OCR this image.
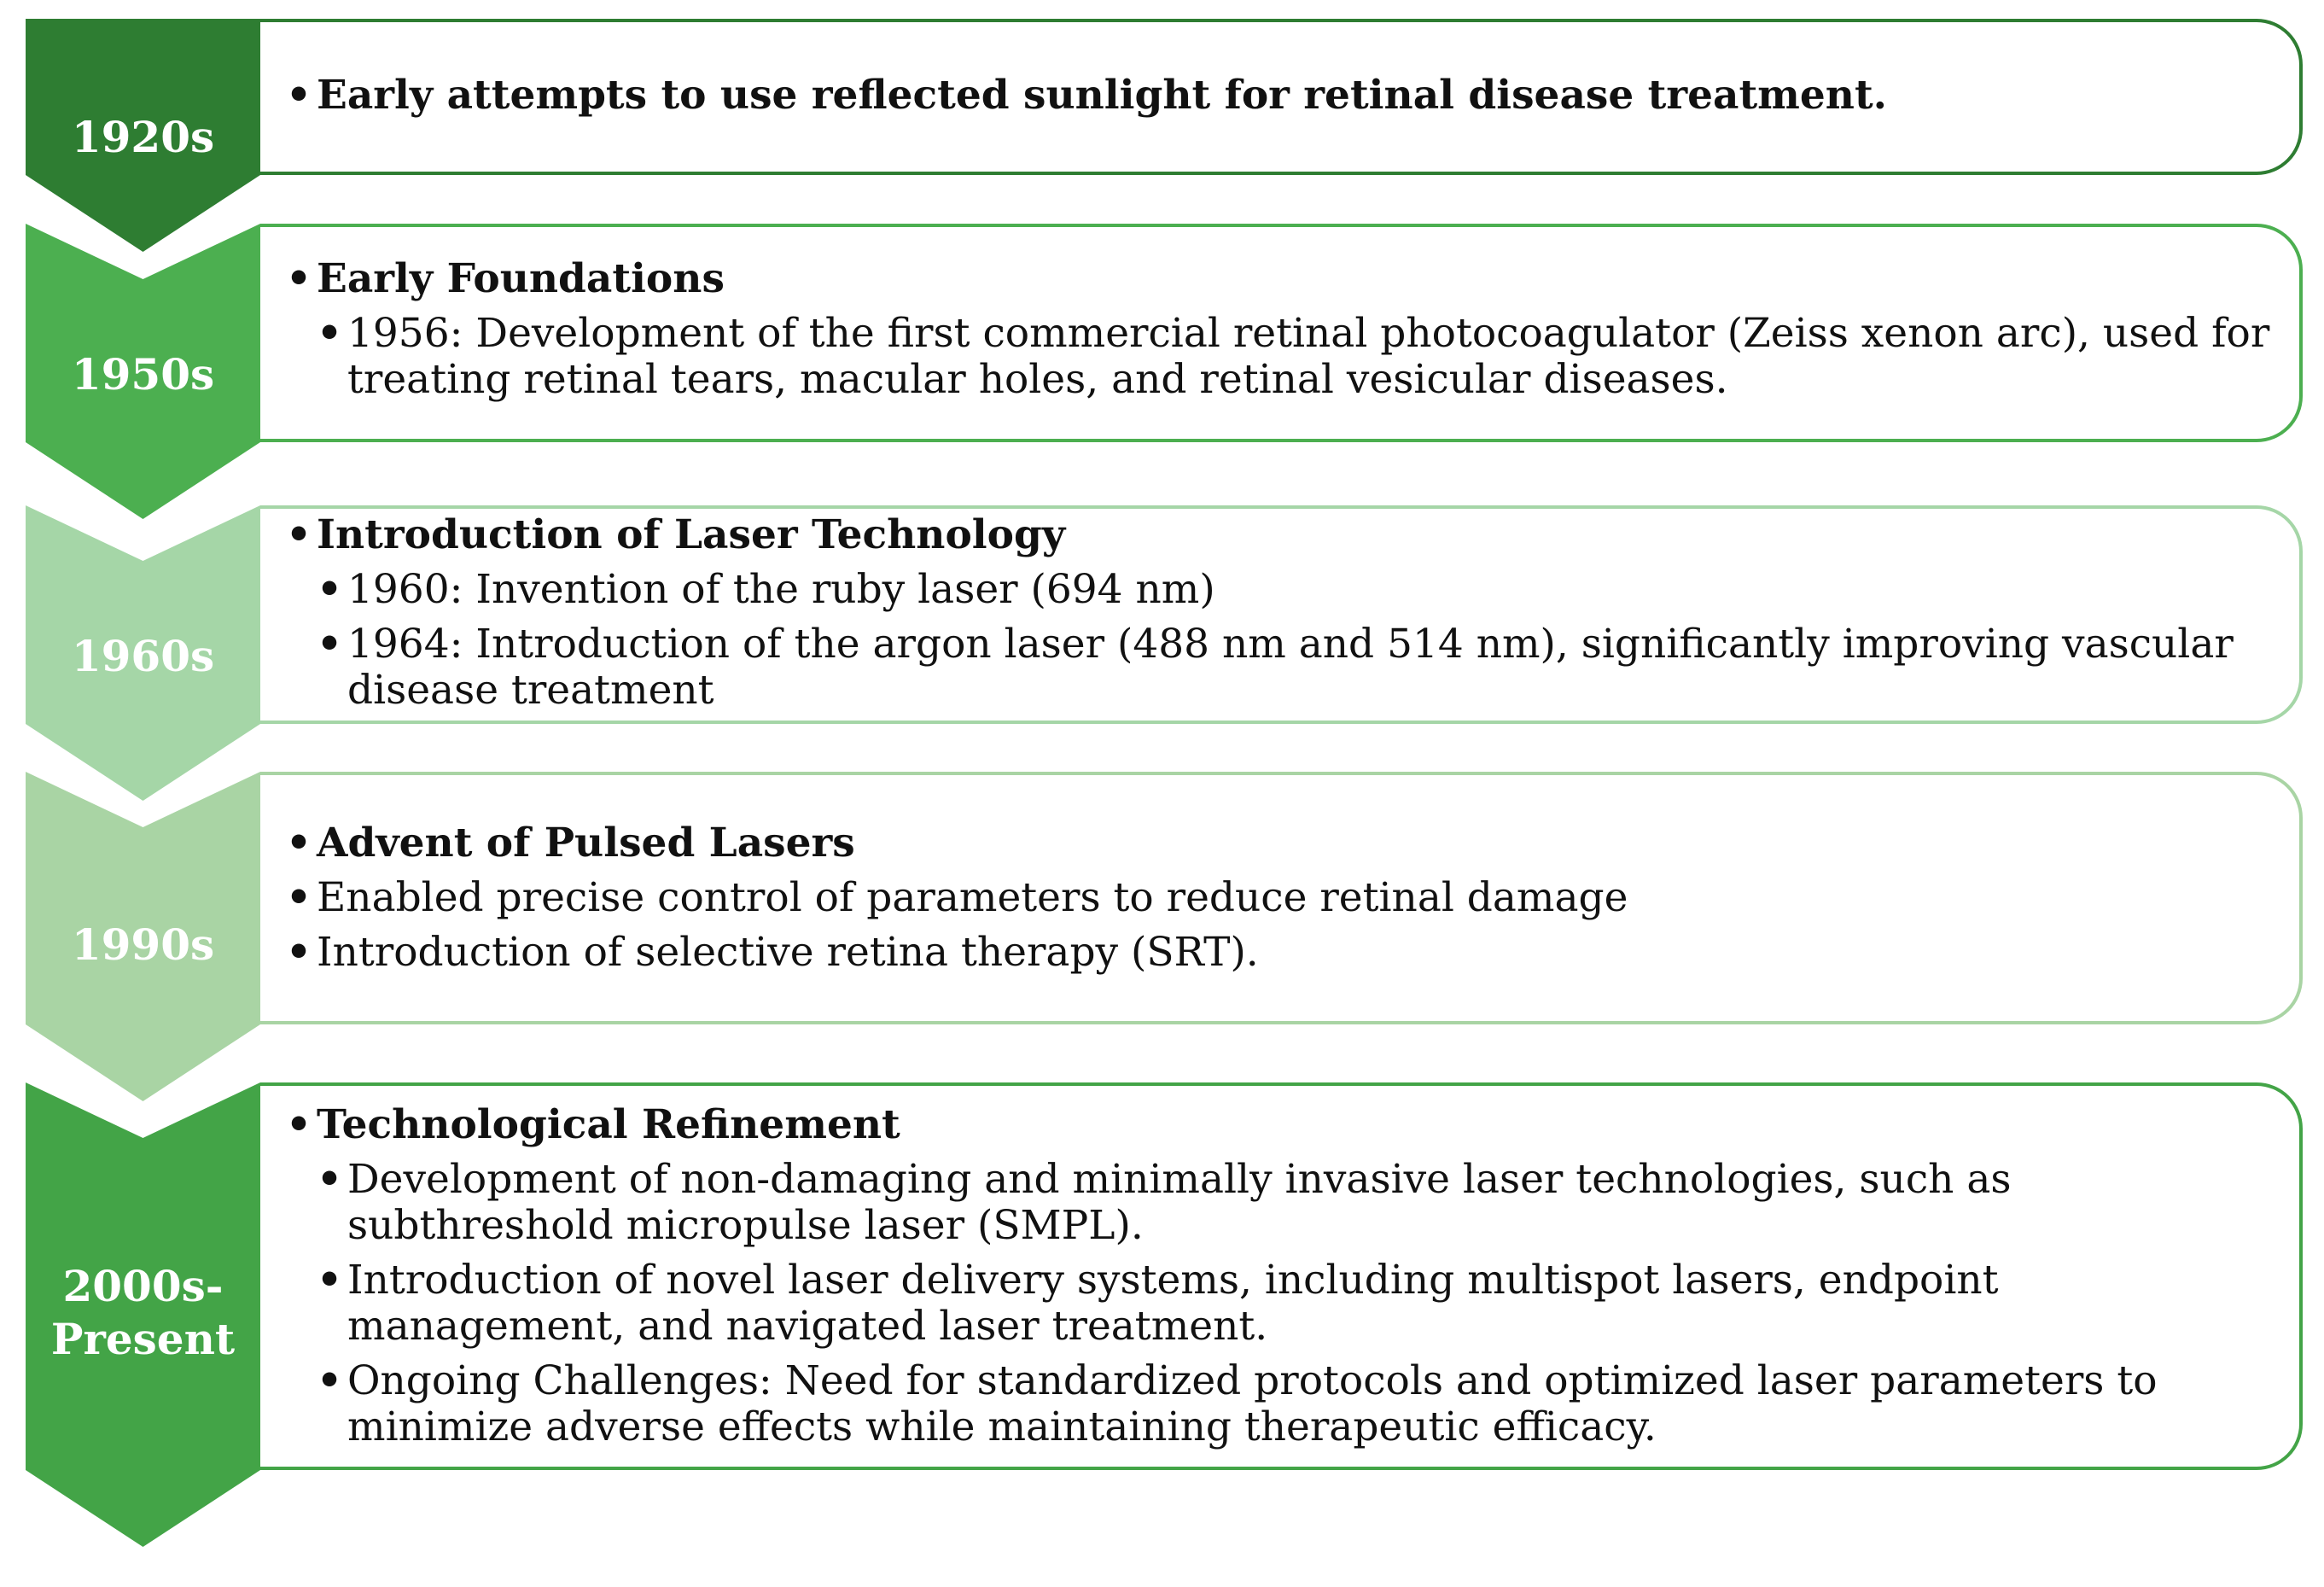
1920s
• Early attempts to use reflected sunlight for retinal disease treatment.
1950s
• Early Foundations
• 1956: Development of the first commercial retinal photocoagulator (Zeiss xenon arc), used for treating retinal tears, macular holes, and retinal vesicular diseases.
1960s
• Introduction of Laser Technology
• 1960: Invention of the ruby laser (694 nm)
• 1964: Introduction of the argon laser (488 nm and 514 nm), significantly improving vascular disease treatment
1990s
• Advent of Pulsed Lasers
• Enabled precise control of parameters to reduce retinal damage
• Introduction of selective retina therapy (SRT).
2000s-
Present
• Technological Refinement
• Development of non-damaging and minimally invasive laser technologies, such as subthreshold micropulse laser (SMPL).
• Introduction of novel laser delivery systems, including multispot lasers, endpoint management, and navigated laser treatment.
• Ongoing Challenges: Need for standardized protocols and optimized laser parameters to minimize adverse effects while maintaining therapeutic efficacy.
